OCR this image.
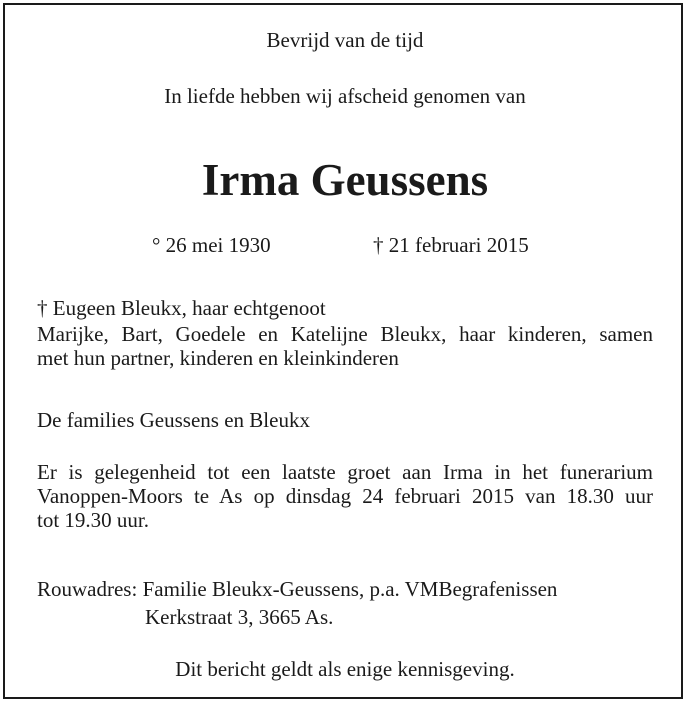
Bevrijd van de tijd
In liefde hebben wij afscheid genomen van
Irma Geussens
° 26 mei 1930	† 21 februari 2015
† Eugeen Bleukx, haar echtgenoot
Marijke, Bart, Goedele en Katelijne Bleukx, haar kinderen, samen
met hun partner, kinderen en kleinkinderen
De families Geussens en Bleukx
Er is gelegenheid tot een laatste groet aan Irma in het funerarium
Vanoppen-Moors te As op dinsdag 24 februari 2015 van 18.30 uur
tot 19.30 uur.
Rouwadres: Familie Bleukx-Geussens, p.a. VMBegrafenissen
Kerkstraat 3, 3665 As.
Dit bericht geldt als enige kennisgeving.
